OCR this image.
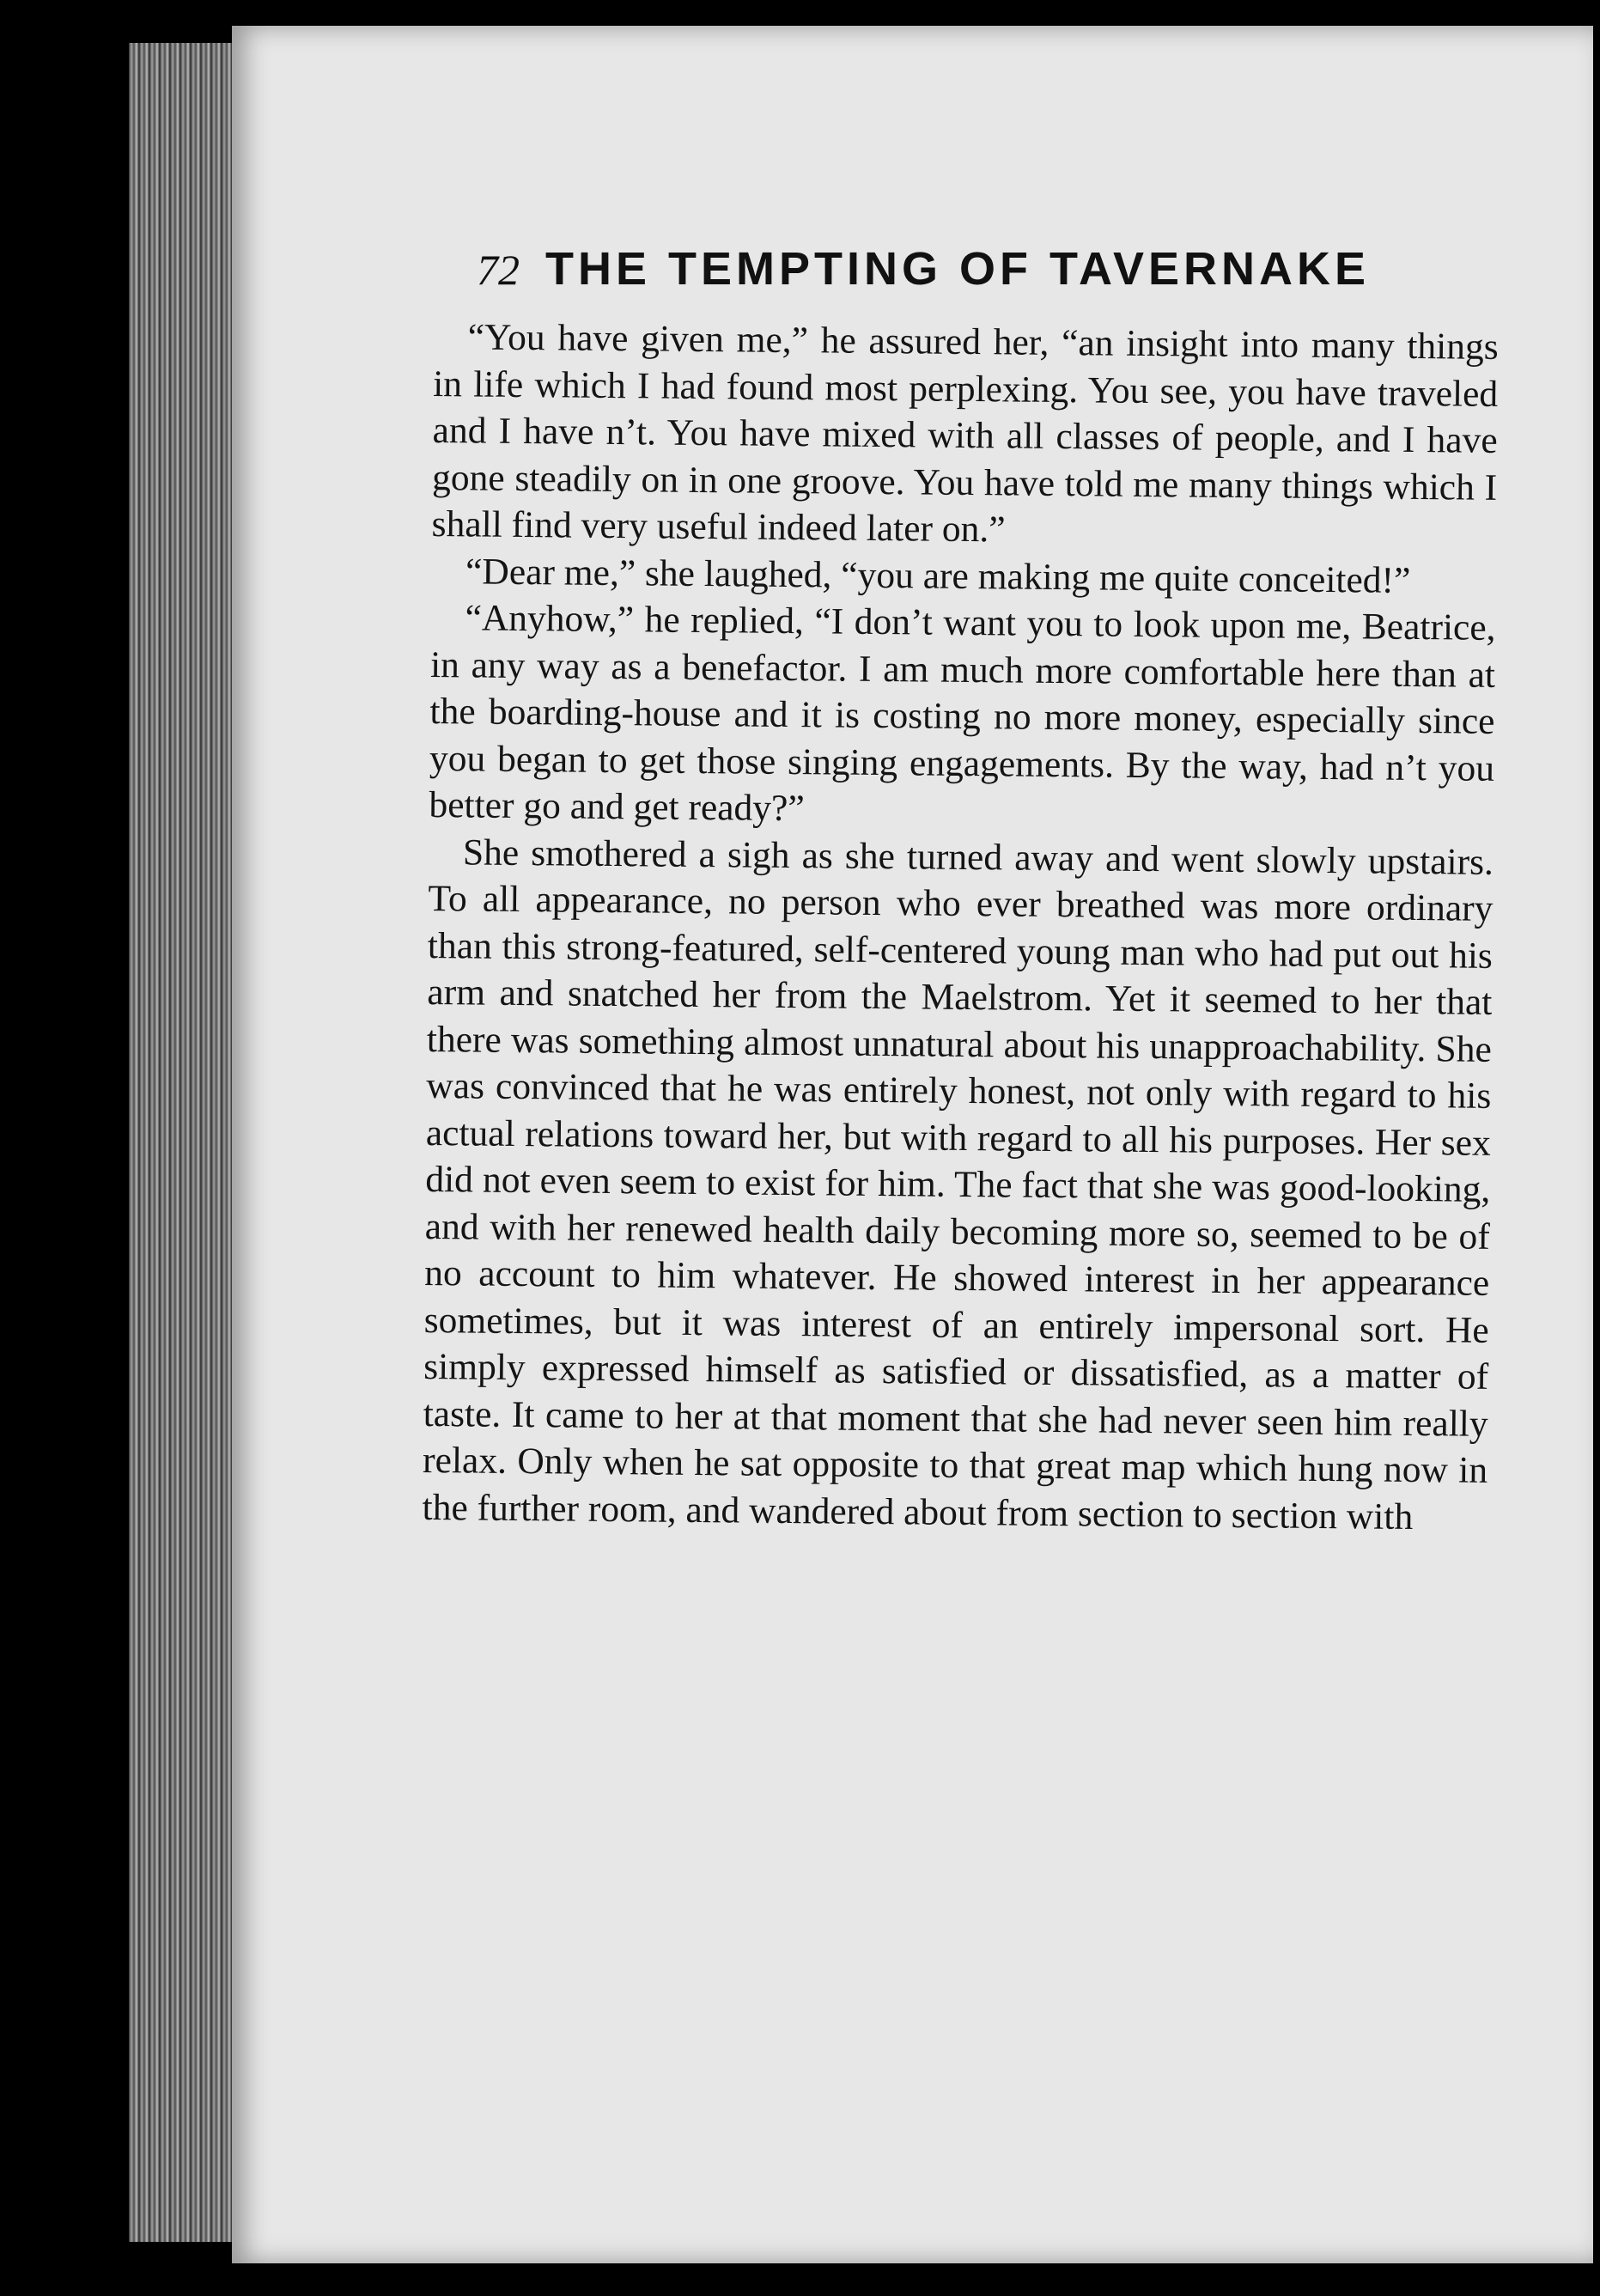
72 THE TEMPTING OF TAVERNAKE

“You have given me,” he assured her, “an insight into many things in life which I had found most perplexing. You see, you have traveled and I have n’t. You have mixed with all classes of people, and I have gone steadily on in one groove. You have told me many things which I shall find very useful indeed later on.”

“Dear me,” she laughed, “you are making me quite conceited!”

“Anyhow,” he replied, “I don’t want you to look upon me, Beatrice, in any way as a benefactor. I am much more comfortable here than at the boarding-house and it is costing no more money, especially since you began to get those singing engagements. By the way, had n’t you better go and get ready?”

She smothered a sigh as she turned away and went slowly upstairs. To all appearance, no person who ever breathed was more ordinary than this strong-featured, self-centered young man who had put out his arm and snatched her from the Maelstrom. Yet it seemed to her that there was something almost unnatural about his unapproachability. She was convinced that he was entirely honest, not only with regard to his actual relations toward her, but with regard to all his purposes. Her sex did not even seem to exist for him. The fact that she was good-looking, and with her renewed health daily becoming more so, seemed to be of no account to him whatever. He showed interest in her appearance sometimes, but it was interest of an entirely impersonal sort. He simply expressed himself as satisfied or dissatisfied, as a matter of taste. It came to her at that moment that she had never seen him really relax. Only when he sat opposite to that great map which hung now in the further room, and wandered about from section to section with
